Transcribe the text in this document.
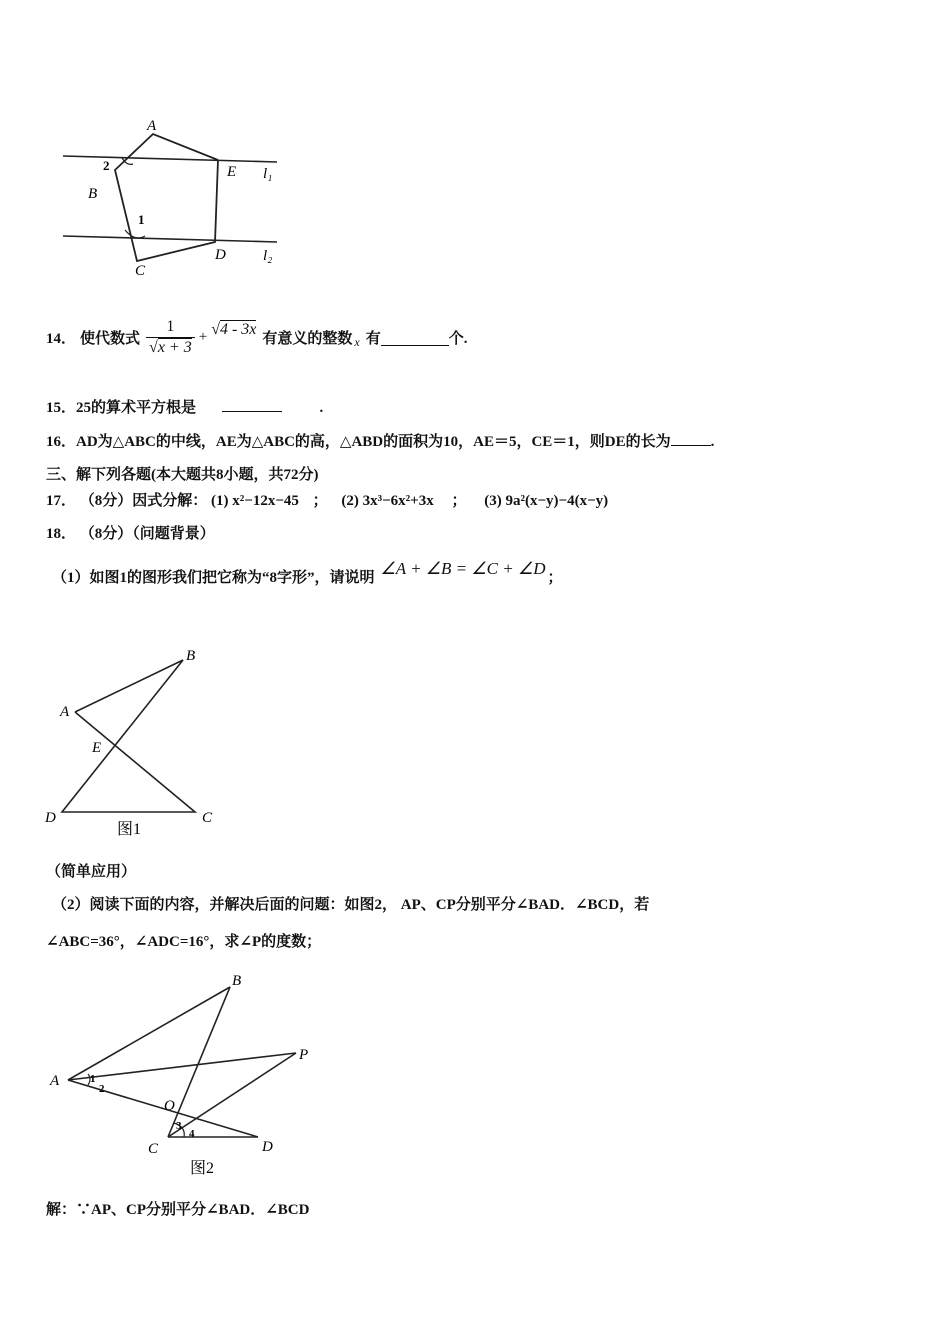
A
B
C
D
E l₁
l₂
1
2
14． 使代数式 $\frac{1}{√x + 3} + √4 - 3x$
有意义的整数 x 有	个.
15．25的算术平方根是	.
16．AD为△ABC的中线，AE为△ABC的高，△ABD的面积为10，AE＝5，CE＝1，则DE的长为	.
三、解下列各题(本大题共8小题，共72分)
17． （8分）因式分解： (1) x²−12x−45 ； (2) 3x³−6x²+3x ； (3) 9a²(x−y)−4(x−y)
18． （8分）（问题背景）
（1）如图1的图形我们把它称为“8字形”，请说明 ∠A + ∠B = ∠C + ∠D ；
A
B
C
D
E
图1
（简单应用）
（2）阅读下面的内容，并解决后面的问题：如图2， AP、CP分别平分∠BAD．∠BCD，若
∠ABC=36°，∠ADC=16°，求∠P的度数；
A
B
C	D
O
P
1
2
3
4
图2
解：∵AP、CP分别平分∠BAD．∠BCD
